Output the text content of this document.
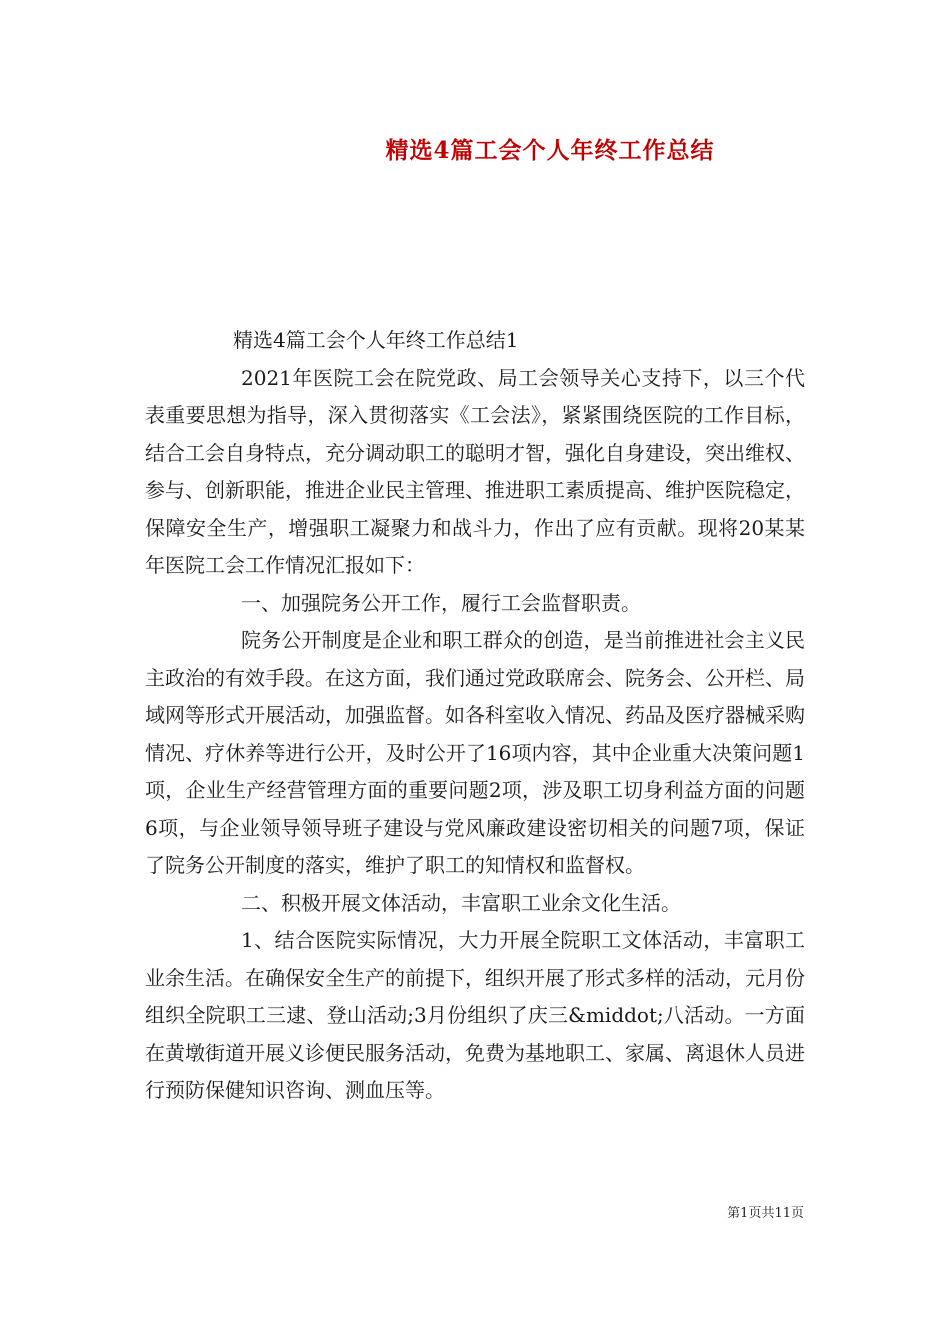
精选4篇工会个人年终工作总结

精选4篇工会个人年终工作总结1

2021年医院工会在院党政、局工会领导关心支持下，以三个代表重要思想为指导，深入贯彻落实《工会法》，紧紧围绕医院的工作目标，结合工会自身特点，充分调动职工的聪明才智，强化自身建设，突出维权、参与、创新职能，推进企业民主管理、推进职工素质提高、维护医院稳定，保障安全生产，增强职工凝聚力和战斗力，作出了应有贡献。现将20某某年医院工会工作情况汇报如下：

一、加强院务公开工作，履行工会监督职责。

院务公开制度是企业和职工群众的创造，是当前推进社会主义民主政治的有效手段。在这方面，我们通过党政联席会、院务会、公开栏、局域网等形式开展活动，加强监督。如各科室收入情况、药品及医疗器械采购情况、疗休养等进行公开，及时公开了16项内容，其中企业重大决策问题1项，企业生产经营管理方面的重要问题2项，涉及职工切身利益方面的问题6项，与企业领导领导班子建设与党风廉政建设密切相关的问题7项，保证了院务公开制度的落实，维护了职工的知情权和监督权。

二、积极开展文体活动，丰富职工业余文化生活。

1、结合医院实际情况，大力开展全院职工文体活动，丰富职工业余生活。在确保安全生产的前提下，组织开展了形式多样的活动，元月份组织全院职工三逮、登山活动;3月份组织了庆三&middot;八活动。一方面在黄墩街道开展义诊便民服务活动，免费为基地职工、家属、离退休人员进行预防保健知识咨询、测血压等。

第1页共11页
